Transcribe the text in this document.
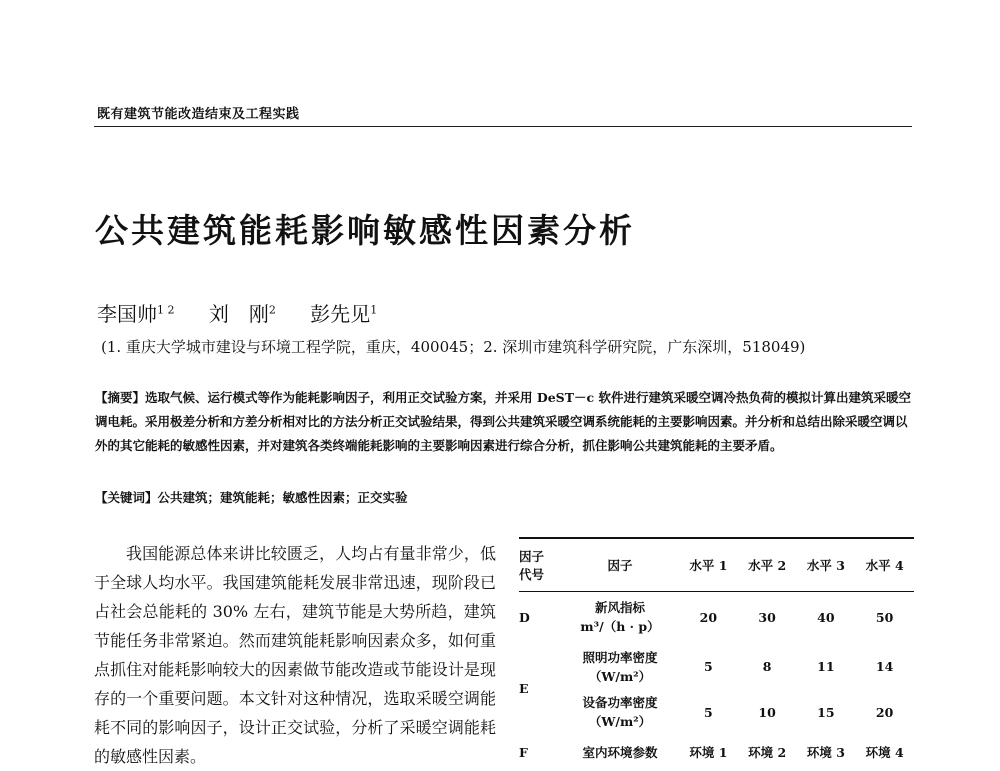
既有建筑节能改造结束及工程实践
公共建筑能耗影响敏感性因素分析
李国帅$^{1 2}$ 刘　刚$^2$ 彭先见$^1$
(1. 重庆大学城市建设与环境工程学院，重庆，400045；2. 深圳市建筑科学研究院，广东深圳，518049)
【摘要】选取气候、运行模式等作为能耗影响因子，利用正交试验方案，并采用 DeST－c 软件进行建筑采暖空调冷热负荷的模拟计算出建筑采暖空调电耗。采用极差分析和方差分析相对比的方法分析正交试验结果，得到公共建筑采暖空调系统能耗的主要影响因素。并分析和总结出除采暖空调以外的其它能耗的敏感性因素，并对建筑各类终端能耗影响的主要影响因素进行综合分析，抓住影响公共建筑能耗的主要矛盾。
【关键词】公共建筑；建筑能耗；敏感性因素；正交实验
我国能源总体来讲比较匮乏，人均占有量非常少，低于全球人均水平。我国建筑能耗发展非常迅速，现阶段已占社会总能耗的 30% 左右，建筑节能是大势所趋，建筑节能任务非常紧迫。然而建筑能耗影响因素众多，如何重点抓住对能耗影响较大的因素做节能改造或节能设计是现存的一个重要问题。本文针对这种情况，选取采暖空调能耗不同的影响因子，设计正交试验，分析了采暖空调能耗的敏感性因素。
因子
代号	因子	水平 1	水平 2	水平 3	水平 4
D	新风指标
m³/（h · p）	20	30	40	50
E	照明功率密度
（W/m²）	5	8	11	14

	设备功率密度
（W/m²）	5	10	15	20
F	室内环境参数	环境 1	环境 2	环境 3	环境 4
